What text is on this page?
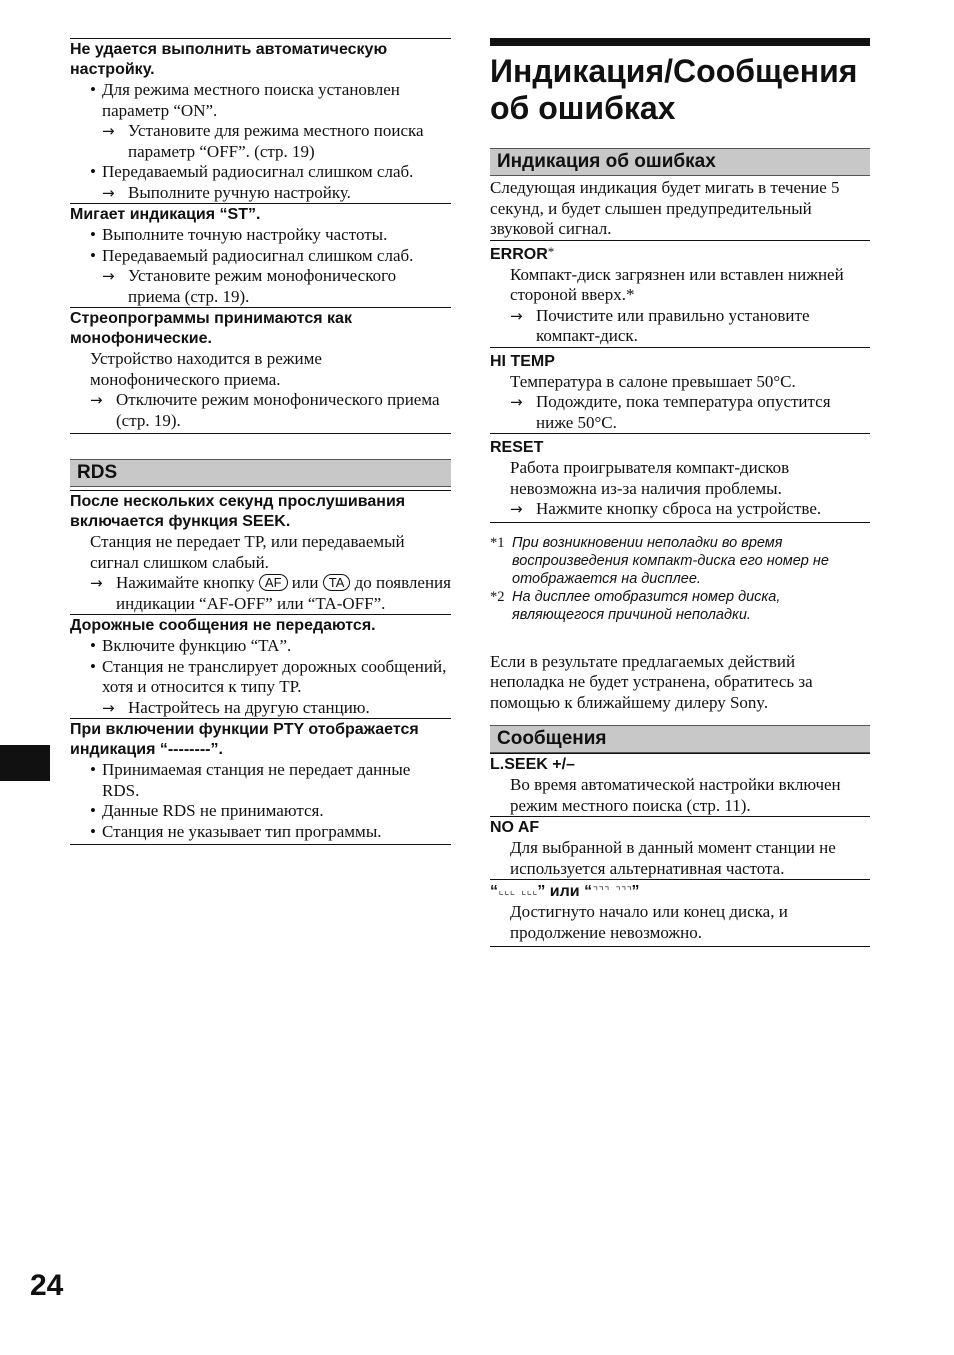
Не удается выполнить автоматическую настройку.
• Для режима местного поиска установлен параметр “ON”.
→ Установите для режима местного поиска параметр “OFF”. (стр. 19)
• Передаваемый радиосигнал слишком слаб.
→ Выполните ручную настройку.
Мигает индикация “ST”.
• Выполните точную настройку частоты.
• Передаваемый радиосигнал слишком слаб.
→ Установите режим монофонического приема (стр. 19).
Стреопрограммы принимаются как монофонические.
Устройство находится в режиме монофонического приема.
→ Отключите режим монофонического приема (стр. 19).
RDS
После нескольких секунд прослушивания включается функция SEEK.
Станция не передает TP, или передаваемый сигнал слишком слабый.
→ Нажимайте кнопку AF или TA до появления индикации “AF-OFF” или “TA-OFF”.
Дорожные сообщения не передаются.
• Включите функцию “TA”.
• Станция не транслирует дорожных сообщений, хотя и относится к типу TP.
→ Настройтесь на другую станцию.
При включении функции PTY отображается индикация “--------”.
• Принимаемая станция не передает данные RDS.
• Данные RDS не принимаются.
• Станция не указывает тип программы.
Индикация/Сообщения об ошибках
Индикация об ошибках
Следующая индикация будет мигать в течение 5 секунд, и будет слышен предупредительный звуковой сигнал.
ERROR*
Компакт-диск загрязнен или вставлен нижней стороной вверх.*
→ Почистите или правильно установите компакт-диск.
HI TEMP
Температура в салоне превышает 50°C.
→ Подождите, пока температура опустится ниже 50°C.
RESET
Работа проигрывателя компакт-дисков невозможна из-за наличия проблемы.
→ Нажмите кнопку сброса на устройстве.
*1 При возникновении неполадки во время воспроизведения компакт-диска его номер не отображается на дисплее.
*2 На дисплее отобразится номер диска, являющегося причиной неполадки.
Если в результате предлагаемых действий неполадка не будет устранена, обратитесь за помощью к ближайшему дилеру Sony.
Сообщения
L.SEEK +/–
Во время автоматической настройки включен режим местного поиска (стр. 11).
NO AF
Для выбранной в данный момент станции не используется альтернативная частота.
“⌞⌞⌞ ⌞⌞⌞” или “⌝⌝⌝ ⌝⌝⌝”
Достигнуто начало или конец диска, и продолжение невозможно.
24
